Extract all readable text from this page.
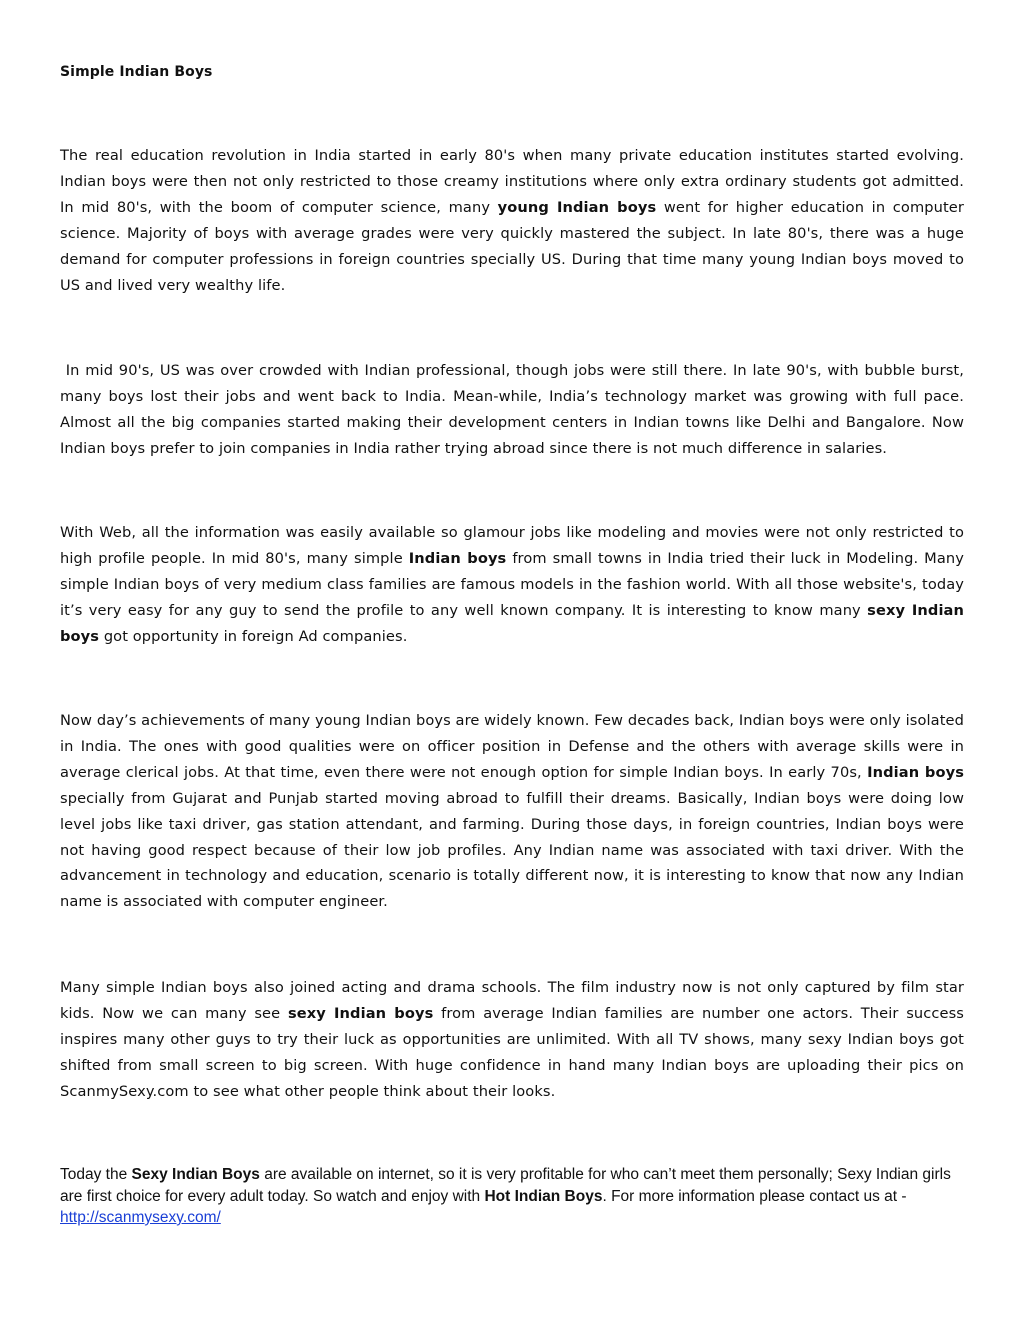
Simple Indian Boys

The real education revolution in India started in early 80's when many private education institutes started evolving. Indian boys were then not only restricted to those creamy institutions where only extra ordinary students got admitted. In mid 80's, with the boom of computer science, many young Indian boys went for higher education in computer science. Majority of boys with average grades were very quickly mastered the subject. In late 80's, there was a huge demand for computer professions in foreign countries specially US. During that time many young Indian boys moved to US and lived very wealthy life.

In mid 90's, US was over crowded with Indian professional, though jobs were still there. In late 90's, with bubble burst, many boys lost their jobs and went back to India. Mean-while, India’s technology market was growing with full pace. Almost all the big companies started making their development centers in Indian towns like Delhi and Bangalore. Now Indian boys prefer to join companies in India rather trying abroad since there is not much difference in salaries.

With Web, all the information was easily available so glamour jobs like modeling and movies were not only restricted to high profile people. In mid 80's, many simple Indian boys from small towns in India tried their luck in Modeling. Many simple Indian boys of very medium class families are famous models in the fashion world. With all those website's, today it’s very easy for any guy to send the profile to any well known company. It is interesting to know many sexy Indian boys got opportunity in foreign Ad companies.

Now day’s achievements of many young Indian boys are widely known. Few decades back, Indian boys were only isolated in India. The ones with good qualities were on officer position in Defense and the others with average skills were in average clerical jobs. At that time, even there were not enough option for simple Indian boys. In early 70s, Indian boys specially from Gujarat and Punjab started moving abroad to fulfill their dreams. Basically, Indian boys were doing low level jobs like taxi driver, gas station attendant, and farming. During those days, in foreign countries, Indian boys were not having good respect because of their low job profiles. Any Indian name was associated with taxi driver. With the advancement in technology and education, scenario is totally different now, it is interesting to know that now any Indian name is associated with computer engineer.

Many simple Indian boys also joined acting and drama schools. The film industry now is not only captured by film star kids. Now we can many see sexy Indian boys from average Indian families are number one actors. Their success inspires many other guys to try their luck as opportunities are unlimited. With all TV shows, many sexy Indian boys got shifted from small screen to big screen. With huge confidence in hand many Indian boys are uploading their pics on ScanmySexy.com to see what other people think about their looks.

Today the Sexy Indian Boys are available on internet, so it is very profitable for who can’t meet them personally; Sexy Indian girls are first choice for every adult today. So watch and enjoy with Hot Indian Boys. For more information please contact us at - http://scanmysexy.com/
